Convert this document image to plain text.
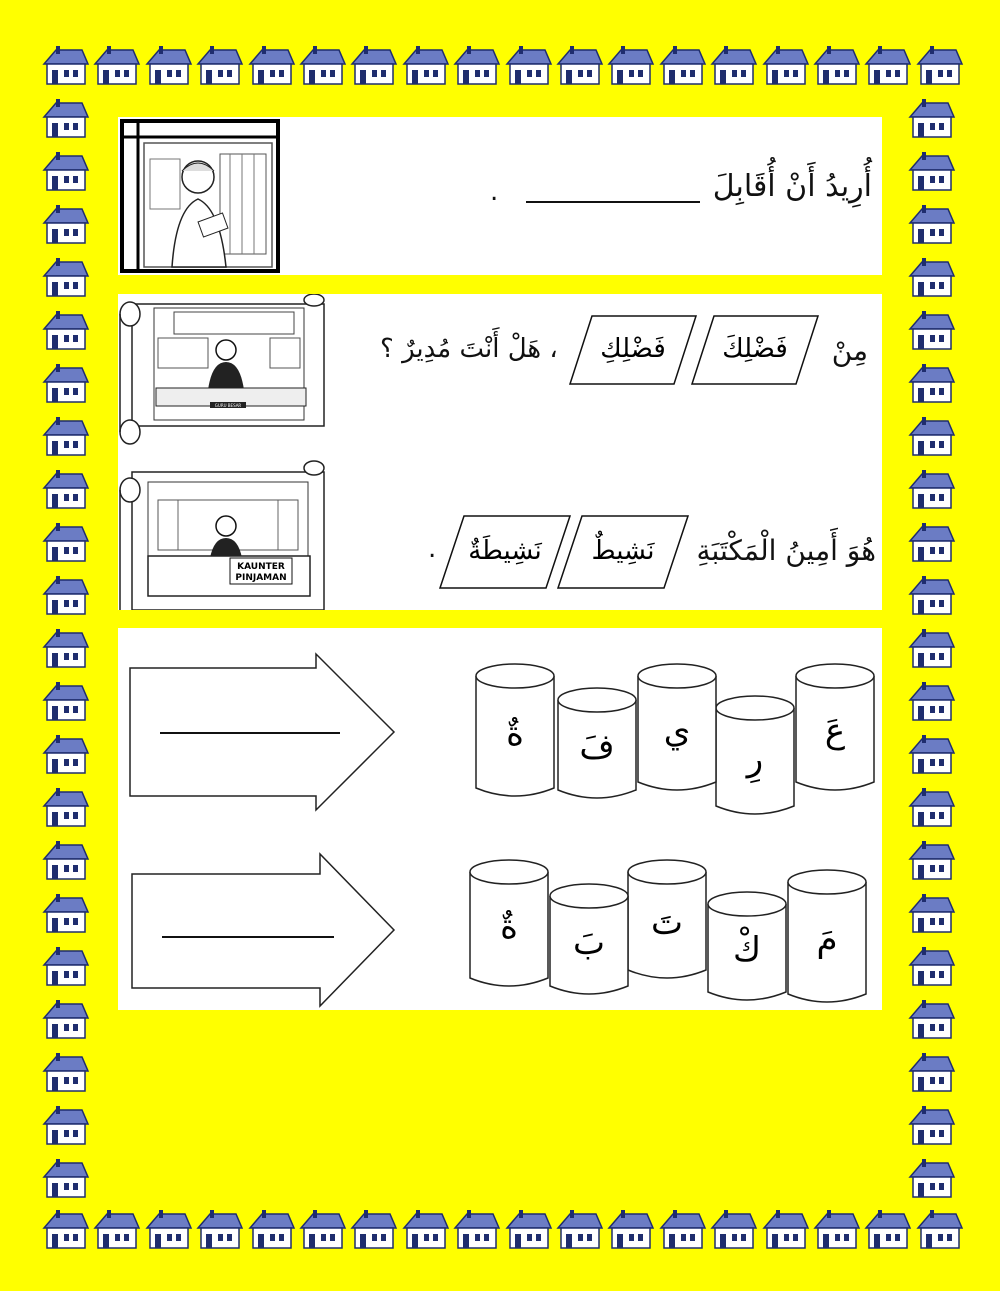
أُرِيدُ أَنْ أُقَابِلَ
.
GURU BESAR
مِنْ
فَضْلِكَ
فَضْلِكِ
، هَلْ أَنْتَ مُدِيرٌ ؟
KAUNTER
PINJAMAN
هُوَ أَمِينُ الْمَكْتَبَةِ
نَشِيطٌ
نَشِيطَةٌ
.
عَ
رِ
ي
فَ
ةٌ
مَ
كْ
تَ
بَ
ةٌ
